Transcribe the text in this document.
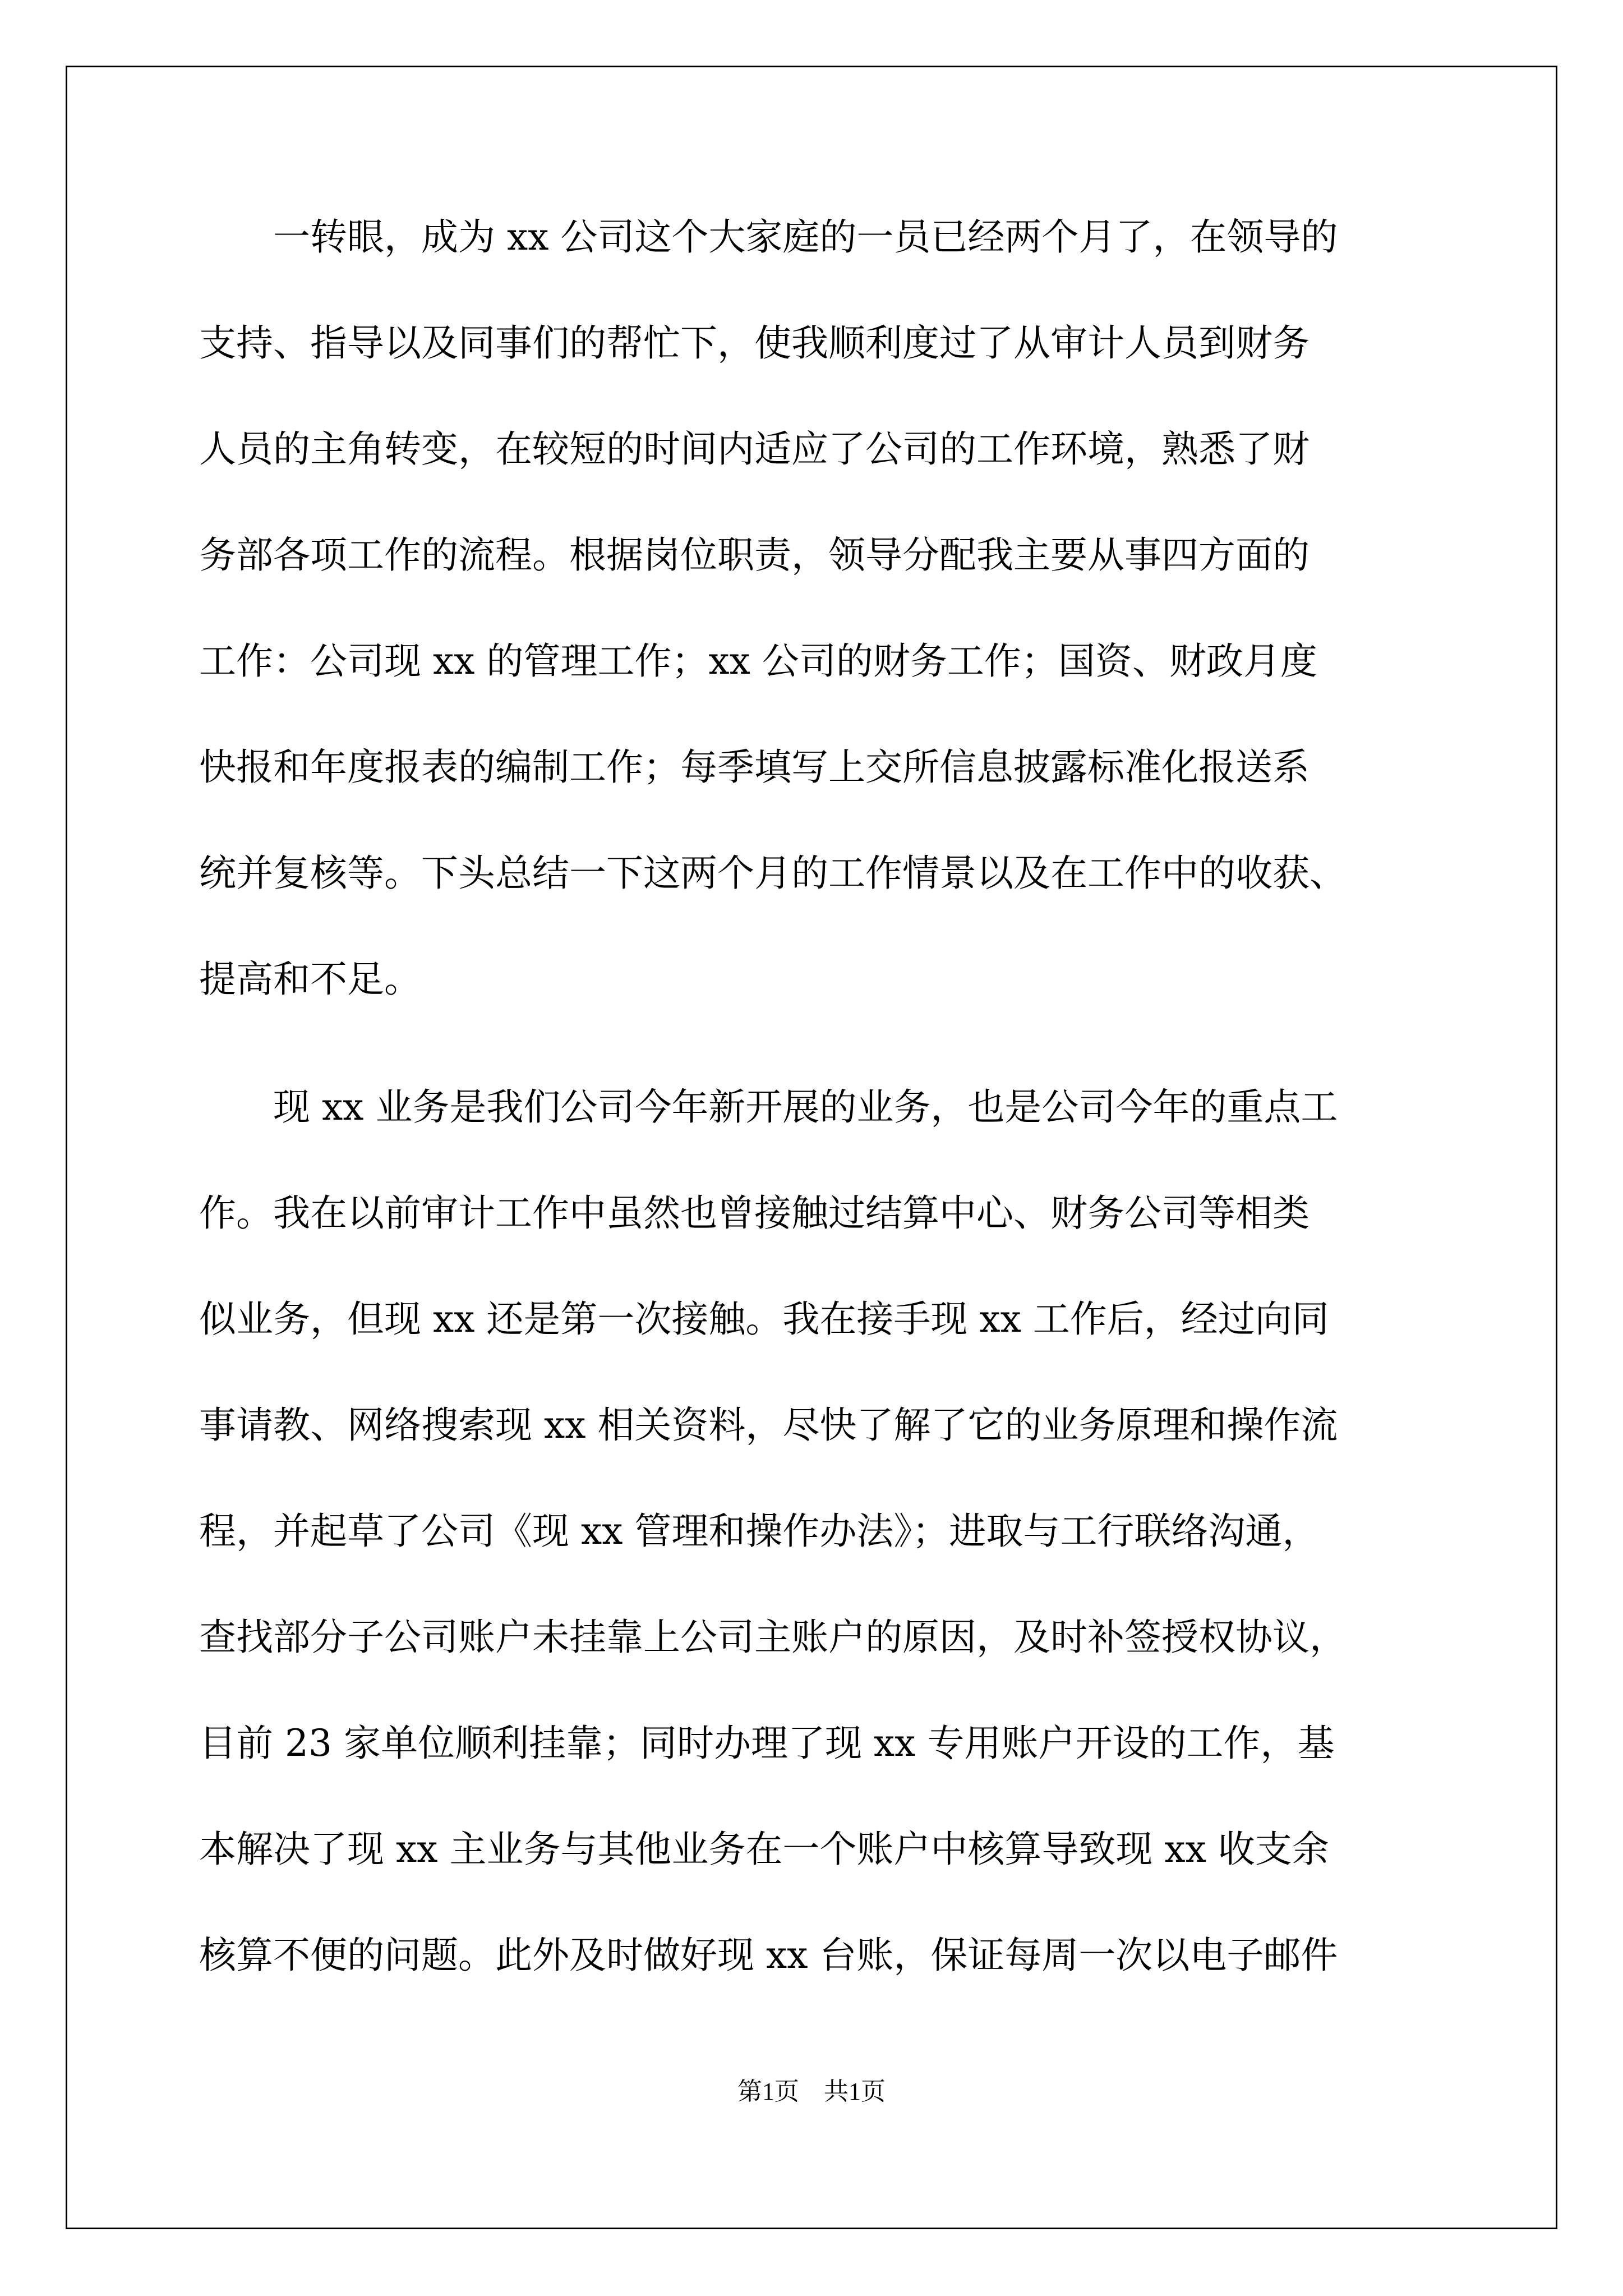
一转眼，成为 xx 公司这个大家庭的一员已经两个月了，在领导的
支持、指导以及同事们的帮忙下，使我顺利度过了从审计人员到财务
人员的主角转变，在较短的时间内适应了公司的工作环境，熟悉了财
务部各项工作的流程。根据岗位职责，领导分配我主要从事四方面的
工作：公司现 xx 的管理工作；xx 公司的财务工作；国资、财政月度
快报和年度报表的编制工作；每季填写上交所信息披露标准化报送系
统并复核等。下头总结一下这两个月的工作情景以及在工作中的收获、
提高和不足。
现 xx 业务是我们公司今年新开展的业务，也是公司今年的重点工
作。我在以前审计工作中虽然也曾接触过结算中心、财务公司等相类
似业务，但现 xx 还是第一次接触。我在接手现 xx 工作后，经过向同
事请教、网络搜索现 xx 相关资料，尽快了解了它的业务原理和操作流
程，并起草了公司《现 xx 管理和操作办法》；进取与工行联络沟通，
查找部分子公司账户未挂靠上公司主账户的原因，及时补签授权协议，
目前 23 家单位顺利挂靠；同时办理了现 xx 专用账户开设的工作，基
本解决了现 xx 主业务与其他业务在一个账户中核算导致现 xx 收支余
核算不便的问题。此外及时做好现 xx 台账，保证每周一次以电子邮件
第1页 共1页
